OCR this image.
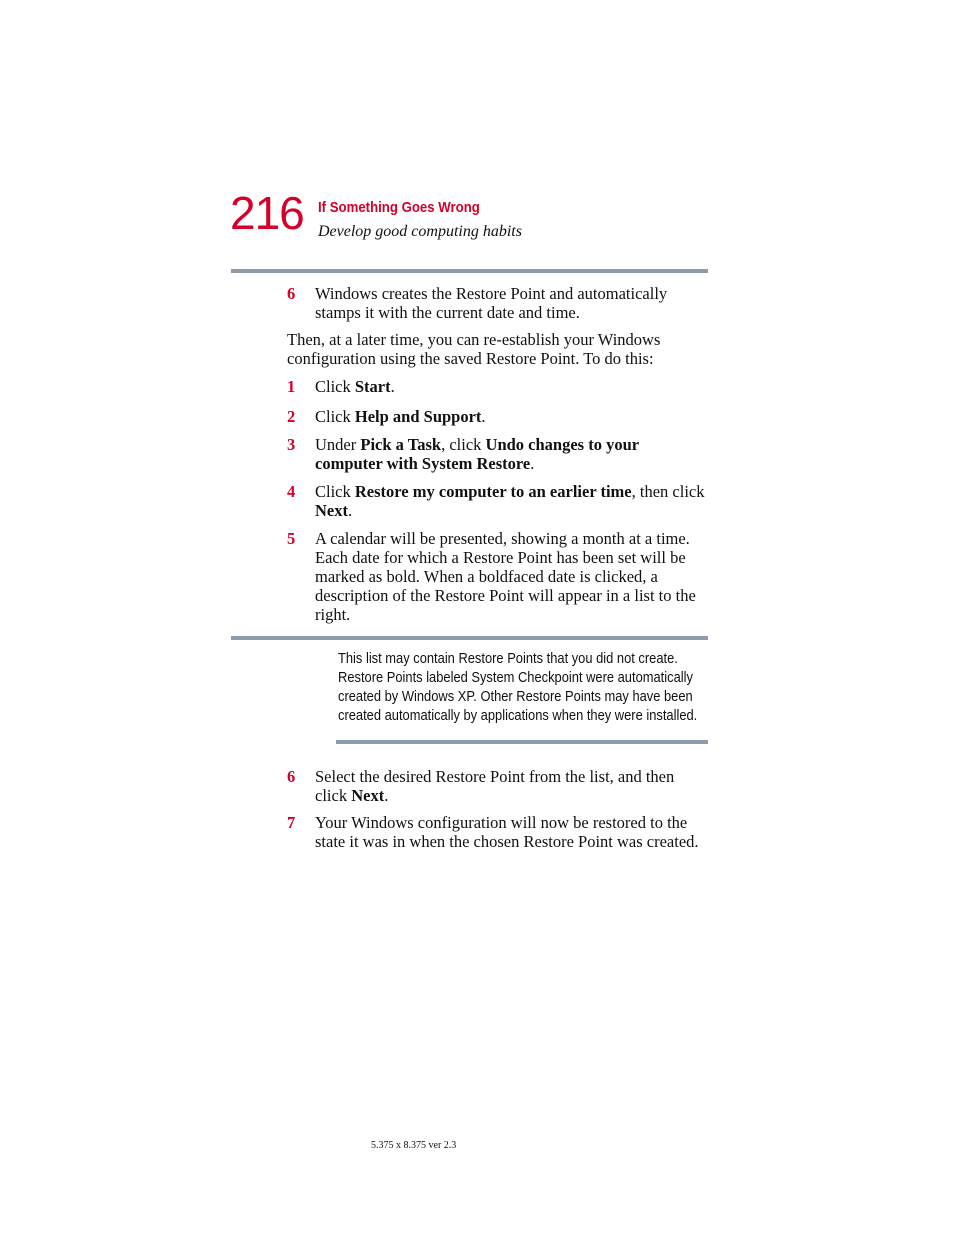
216 If Something Goes Wrong
Develop good computing habits
6 Windows creates the Restore Point and automatically stamps it with the current date and time.
Then, at a later time, you can re-establish your Windows configuration using the saved Restore Point. To do this:
1 Click Start.
2 Click Help and Support.
3 Under Pick a Task, click Undo changes to your computer with System Restore.
4 Click Restore my computer to an earlier time, then click Next.
5 A calendar will be presented, showing a month at a time. Each date for which a Restore Point has been set will be marked as bold. When a boldfaced date is clicked, a description of the Restore Point will appear in a list to the right.
This list may contain Restore Points that you did not create.
Restore Points labeled System Checkpoint were automatically
created by Windows XP. Other Restore Points may have been
created automatically by applications when they were installed.
6 Select the desired Restore Point from the list, and then click Next.
7 Your Windows configuration will now be restored to the state it was in when the chosen Restore Point was created.
5.375 x 8.375 ver 2.3
